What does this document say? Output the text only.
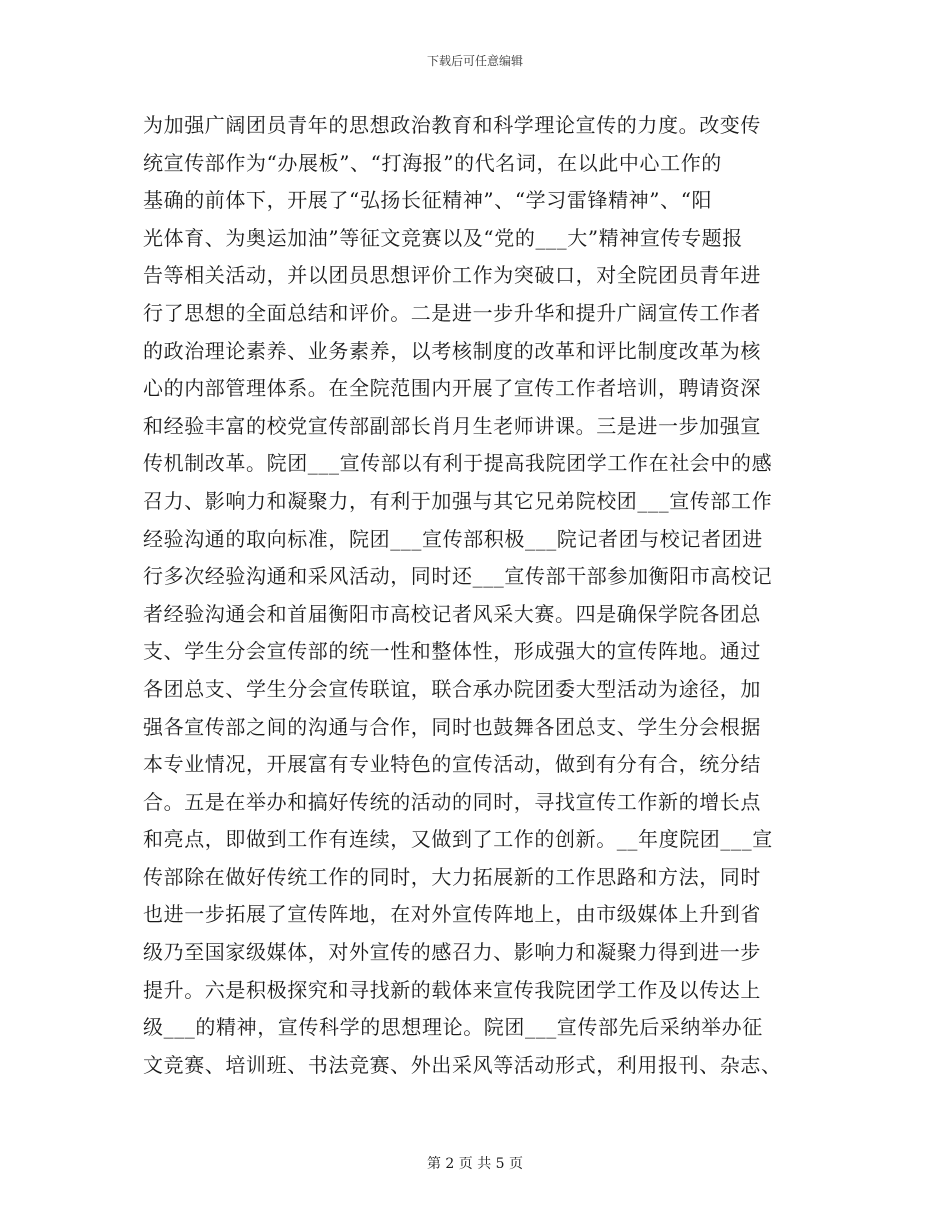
下载后可任意编辑
为加强广阔团员青年的思想政治教育和科学理论宣传的力度。改变传
统宣传部作为“办展板”、“打海报”的代名词，在以此中心工作的
基确的前体下，开展了“弘扬长征精神”、“学习雷锋精神”、“阳
光体育、为奥运加油”等征文竞赛以及“党的___大”精神宣传专题报
告等相关活动，并以团员思想评价工作为突破口，对全院团员青年进
行了思想的全面总结和评价。二是进一步升华和提升广阔宣传工作者
的政治理论素养、业务素养，以考核制度的改革和评比制度改革为核
心的内部管理体系。在全院范围内开展了宣传工作者培训，聘请资深
和经验丰富的校党宣传部副部长肖月生老师讲课。三是进一步加强宣
传机制改革。院团___宣传部以有利于提高我院团学工作在社会中的感
召力、影响力和凝聚力，有利于加强与其它兄弟院校团___宣传部工作
经验沟通的取向标准，院团___宣传部积极___院记者团与校记者团进
行多次经验沟通和采风活动，同时还___宣传部干部参加衡阳市高校记
者经验沟通会和首届衡阳市高校记者风采大赛。四是确保学院各团总
支、学生分会宣传部的统一性和整体性，形成强大的宣传阵地。通过
各团总支、学生分会宣传联谊，联合承办院团委大型活动为途径，加
强各宣传部之间的沟通与合作，同时也鼓舞各团总支、学生分会根据
本专业情况，开展富有专业特色的宣传活动，做到有分有合，统分结
合。五是在举办和搞好传统的活动的同时，寻找宣传工作新的增长点
和亮点，即做到工作有连续，又做到了工作的创新。__年度院团___宣
传部除在做好传统工作的同时，大力拓展新的工作思路和方法，同时
也进一步拓展了宣传阵地，在对外宣传阵地上，由市级媒体上升到省
级乃至国家级媒体，对外宣传的感召力、影响力和凝聚力得到进一步
提升。六是积极探究和寻找新的载体来宣传我院团学工作及以传达上
级___的精神，宣传科学的思想理论。院团___宣传部先后采纳举办征
文竞赛、培训班、书法竞赛、外出采风等活动形式，利用报刊、杂志、
第 2 页 共 5 页
